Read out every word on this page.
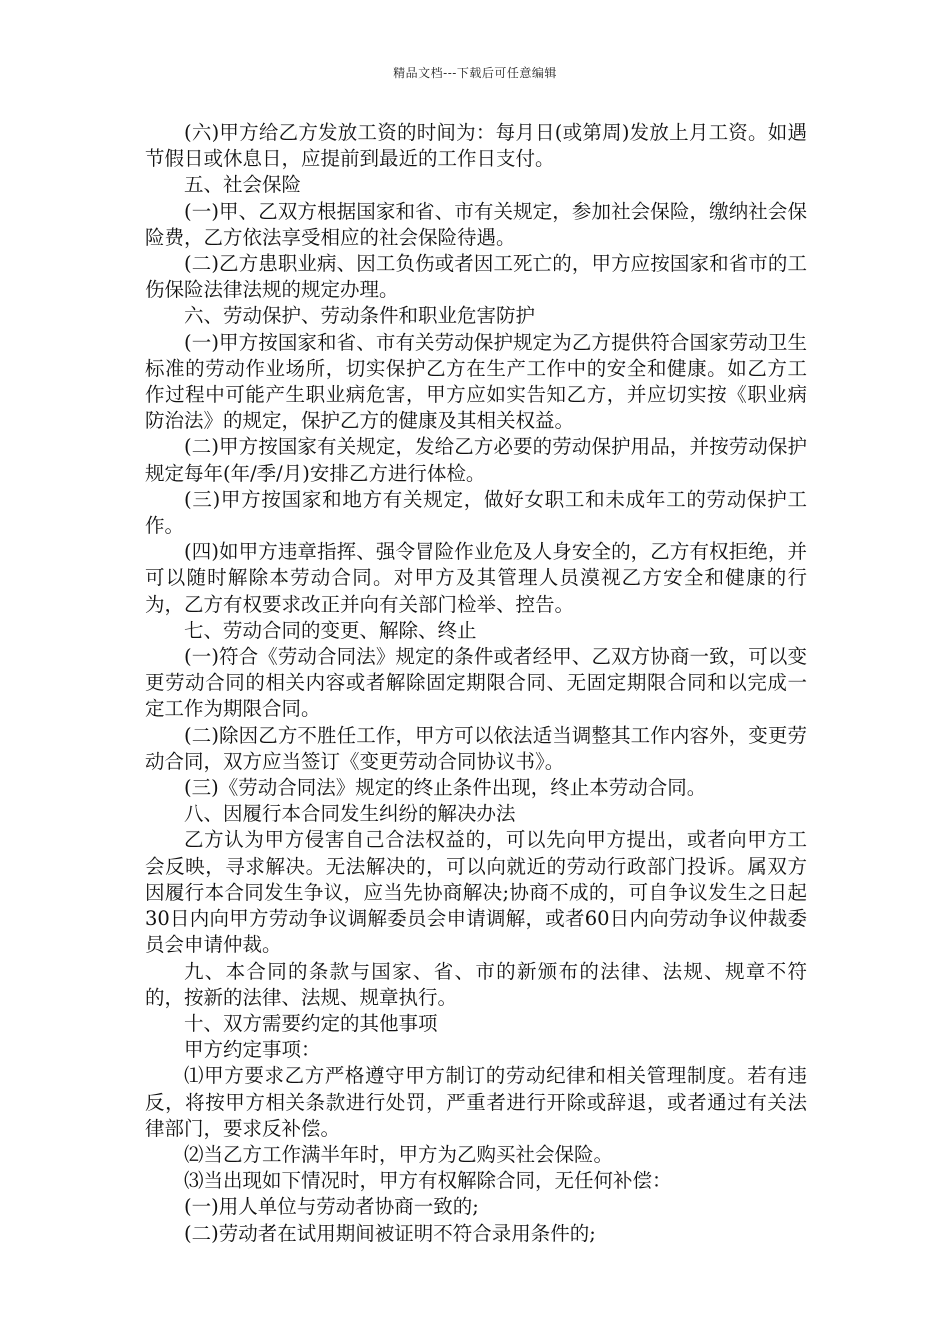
精品文档---下载后可任意编辑

(六)甲方给乙方发放工资的时间为：每月日(或第周)发放上月工资。如遇节假日或休息日，应提前到最近的工作日支付。

五、社会保险

(一)甲、乙双方根据国家和省、市有关规定，参加社会保险，缴纳社会保险费，乙方依法享受相应的社会保险待遇。

(二)乙方患职业病、因工负伤或者因工死亡的，甲方应按国家和省市的工伤保险法律法规的规定办理。

六、劳动保护、劳动条件和职业危害防护

(一)甲方按国家和省、市有关劳动保护规定为乙方提供符合国家劳动卫生标准的劳动作业场所，切实保护乙方在生产工作中的安全和健康。如乙方工作过程中可能产生职业病危害，甲方应如实告知乙方，并应切实按《职业病防治法》的规定，保护乙方的健康及其相关权益。

(二)甲方按国家有关规定，发给乙方必要的劳动保护用品，并按劳动保护规定每年(年/季/月)安排乙方进行体检。

(三)甲方按国家和地方有关规定，做好女职工和未成年工的劳动保护工作。

(四)如甲方违章指挥、强令冒险作业危及人身安全的，乙方有权拒绝，并可以随时解除本劳动合同。对甲方及其管理人员漠视乙方安全和健康的行为，乙方有权要求改正并向有关部门检举、控告。

七、劳动合同的变更、解除、终止

(一)符合《劳动合同法》规定的条件或者经甲、乙双方协商一致，可以变更劳动合同的相关内容或者解除固定期限合同、无固定期限合同和以完成一定工作为期限合同。

(二)除因乙方不胜任工作，甲方可以依法适当调整其工作内容外，变更劳动合同，双方应当签订《变更劳动合同协议书》。

(三)《劳动合同法》规定的终止条件出现，终止本劳动合同。

八、因履行本合同发生纠纷的解决办法

乙方认为甲方侵害自己合法权益的，可以先向甲方提出，或者向甲方工会反映，寻求解决。无法解决的，可以向就近的劳动行政部门投诉。属双方因履行本合同发生争议，应当先协商解决;协商不成的，可自争议发生之日起30日内向甲方劳动争议调解委员会申请调解，或者60日内向劳动争议仲裁委员会申请仲裁。

九、本合同的条款与国家、省、市的新颁布的法律、法规、规章不符的，按新的法律、法规、规章执行。

十、双方需要约定的其他事项

甲方约定事项：

⑴甲方要求乙方严格遵守甲方制订的劳动纪律和相关管理制度。若有违反，将按甲方相关条款进行处罚，严重者进行开除或辞退，或者通过有关法律部门，要求反补偿。

⑵当乙方工作满半年时，甲方为乙购买社会保险。

⑶当出现如下情况时，甲方有权解除合同，无任何补偿：

(一)用人单位与劳动者协商一致的;

(二)劳动者在试用期间被证明不符合录用条件的;
